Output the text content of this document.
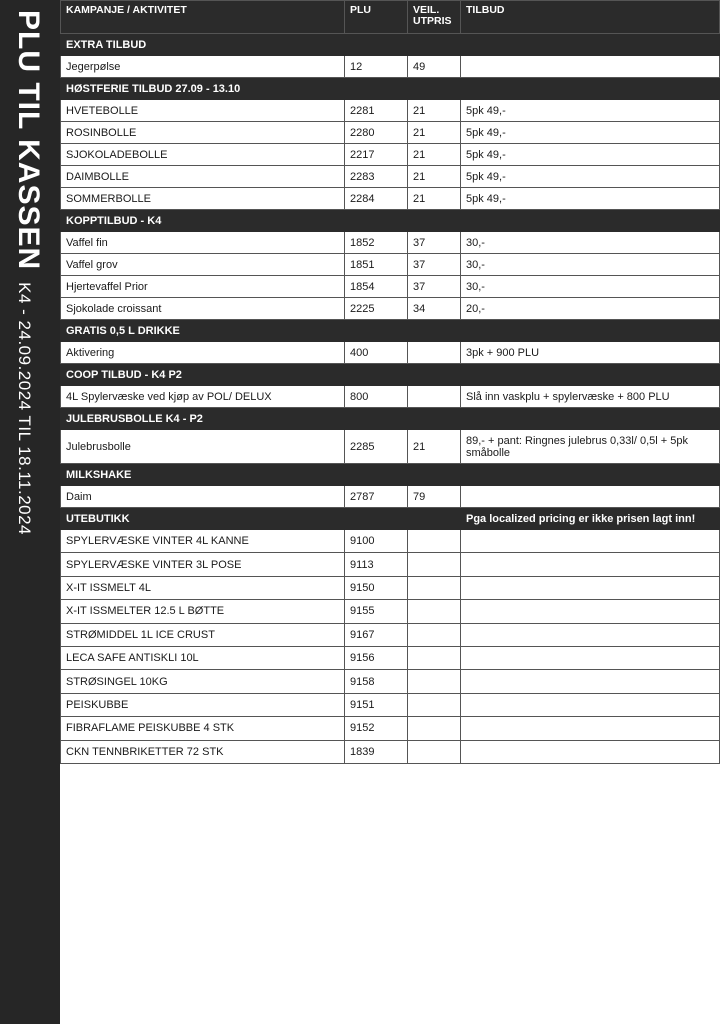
PLU TIL KASSENK4 - 24.09.2024 TIL 18.11.2024
KAMPANJE / AKTIVITET	PLU	VEIL. UTPRIS	TILBUD
EXTRA TILBUD			
Jegerpølse	12	49	
HØSTFERIE TILBUD 27.09 - 13.10			
HVETEBOLLE	2281	21	5pk 49,-
ROSINBOLLE	2280	21	5pk 49,-
SJOKOLADEBOLLE	2217	21	5pk 49,-
DAIMBOLLE	2283	21	5pk 49,-
SOMMERBOLLE	2284	21	5pk 49,-
KOPPTILBUD - K4			
Vaffel fin	1852	37	30,-
Vaffel grov	1851	37	30,-
Hjertevaffel Prior	1854	37	30,-
Sjokolade croissant	2225	34	20,-
GRATIS 0,5 L DRIKKE			
Aktivering	400		3pk + 900 PLU
COOP TILBUD - K4 P2			
4L Spylervæske ved kjøp av POL/ DELUX	800		Slå inn vaskplu + spylervæske + 800 PLU
JULEBRUSBOLLE K4 - P2			
Julebrusbolle	2285	21	89,- + pant: Ringnes julebrus 0,33l/ 0,5l + 5pk småbolle
MILKSHAKE			
Daim	2787	79	
UTEBUTIKK			Pga localized pricing er ikke prisen lagt inn!
SPYLERVÆSKE VINTER 4L KANNE	9100		
SPYLERVÆSKE VINTER 3L POSE	9113		
X-IT ISSMELT 4L	9150		
X-IT ISSMELTER 12.5 L BØTTE	9155		
STRØMIDDEL 1L ICE CRUST	9167		
LECA SAFE ANTISKLI 10L	9156		
STRØSINGEL 10KG	9158		
PEISKUBBE	9151		
FIBRAFLAME PEISKUBBE 4 STK	9152		
CKN TENNBRIKETTER 72 STK	1839		
